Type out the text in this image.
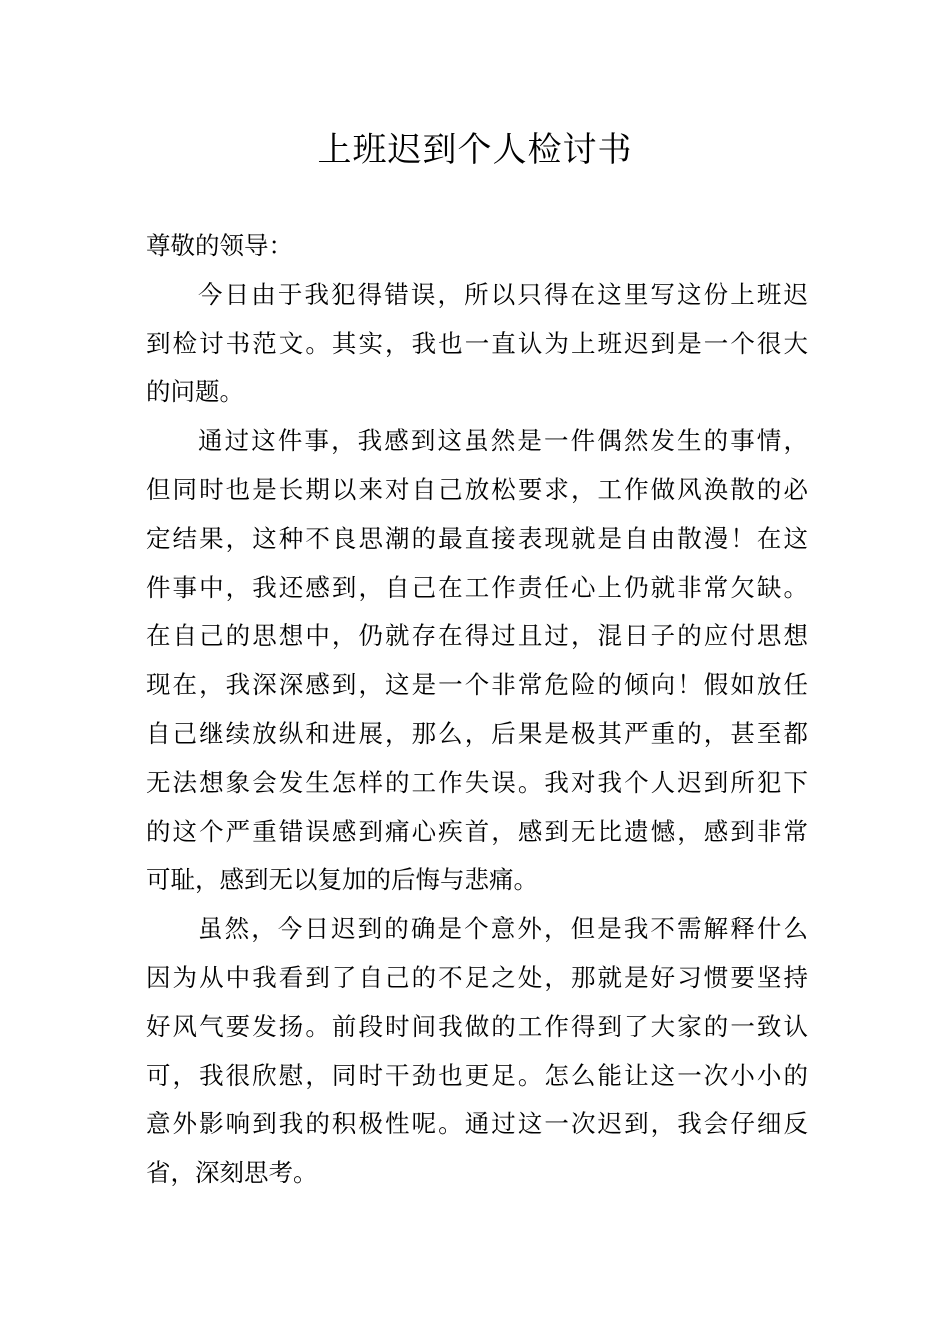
上班迟到个人检讨书
尊敬的领导：
今日由于我犯得错误，所以只得在这里写这份上班迟
到检讨书范文。其实，我也一直认为上班迟到是一个很大
的问题。
通过这件事，我感到这虽然是一件偶然发生的事情，
但同时也是长期以来对自己放松要求，工作做风涣散的必
定结果，这种不良思潮的最直接表现就是自由散漫！在这
件事中，我还感到，自己在工作责任心上仍就非常欠缺。
在自己的思想中，仍就存在得过且过，混日子的应付思想
现在，我深深感到，这是一个非常危险的倾向！假如放任
自己继续放纵和进展，那么，后果是极其严重的，甚至都
无法想象会发生怎样的工作失误。我对我个人迟到所犯下
的这个严重错误感到痛心疾首，感到无比遗憾，感到非常
可耻，感到无以复加的后悔与悲痛。
虽然，今日迟到的确是个意外，但是我不需解释什么
因为从中我看到了自己的不足之处，那就是好习惯要坚持
好风气要发扬。前段时间我做的工作得到了大家的一致认
可，我很欣慰，同时干劲也更足。怎么能让这一次小小的
意外影响到我的积极性呢。通过这一次迟到，我会仔细反
省，深刻思考。
